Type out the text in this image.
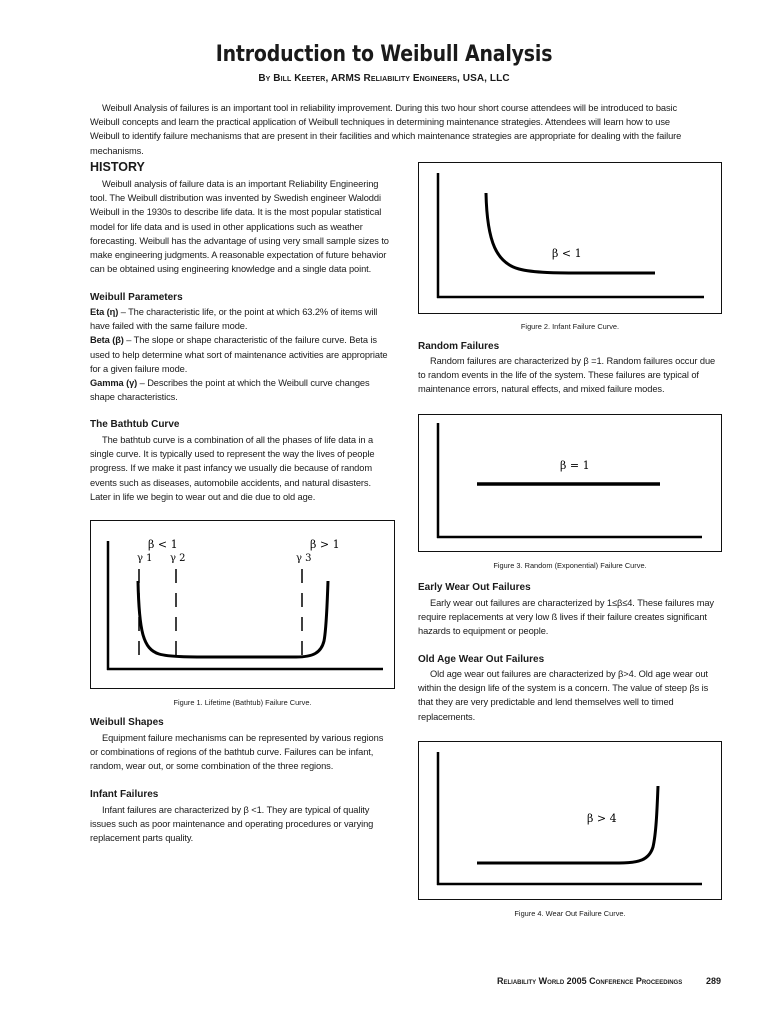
Introduction to Weibull Analysis
By Bill Keeter, ARMS Reliability Engineers, USA, LLC
Weibull Analysis of failures is an important tool in reliability improvement. During this two hour short course attendees will be introduced to basic Weibull concepts and learn the practical application of Weibull techniques in determining maintenance strategies. Attendees will learn how to use Weibull to identify failure mechanisms that are present in their facilities and which maintenance strategies are appropriate for dealing with the failure mechanisms.
HISTORY
Weibull analysis of failure data is an important Reliability Engineering tool. The Weibull distribution was invented by Swedish engineer Waloddi Weibull in the 1930s to describe life data. It is the most popular statistical model for life data and is used in other applications such as weather forecasting. Weibull has the advantage of using very small sample sizes to make engineering judgments. A reasonable expectation of future behavior can be obtained using engineering knowledge and a single data point.
Weibull Parameters
Eta (η) – The characteristic life, or the point at which 63.2% of items will have failed with the same failure mode.
Beta (β) – The slope or shape characteristic of the failure curve. Beta is used to help determine what sort of maintenance activities are appropriate for a given failure mode.
Gamma (γ) – Describes the point at which the Weibull curve changes shape characteristics.
The Bathtub Curve
The bathtub curve is a combination of all the phases of life data in a single curve. It is typically used to represent the way the lives of people progress. If we make it past infancy we usually die because of random events such as diseases, automobile accidents, and natural disasters. Later in life we begin to wear out and die due to old age.
β < 1	β > 1
γ 1 γ 2	γ 3
Figure 1. Lifetime (Bathtub) Failure Curve.
Weibull Shapes
Equipment failure mechanisms can be represented by various regions or combinations of regions of the bathtub curve. Failures can be infant, random, wear out, or some combination of the three regions.
Infant Failures
Infant failures are characterized by β <1. They are typical of quality issues such as poor maintenance and operating procedures or varying replacement parts quality.
β < 1
Figure 2. Infant Failure Curve.
Random Failures
Random failures are characterized by β =1. Random failures occur due to random events in the life of the system. These failures are typical of maintenance errors, natural effects, and mixed failure modes.
β = 1
Figure 3. Random (Exponential) Failure Curve.
Early Wear Out Failures
Early wear out failures are characterized by 1≤β≤4. These failures may require replacements at very low ß lives if their failure creates significant hazards to equipment or people.
Old Age Wear Out Failures
Old age wear out failures are characterized by β>4. Old age wear out within the design life of the system is a concern. The value of steep βs is that they are very predictable and lend themselves well to timed replacements.
β > 4
Figure 4. Wear Out Failure Curve.
Reliability World 2005 Conference Proceedings	289
